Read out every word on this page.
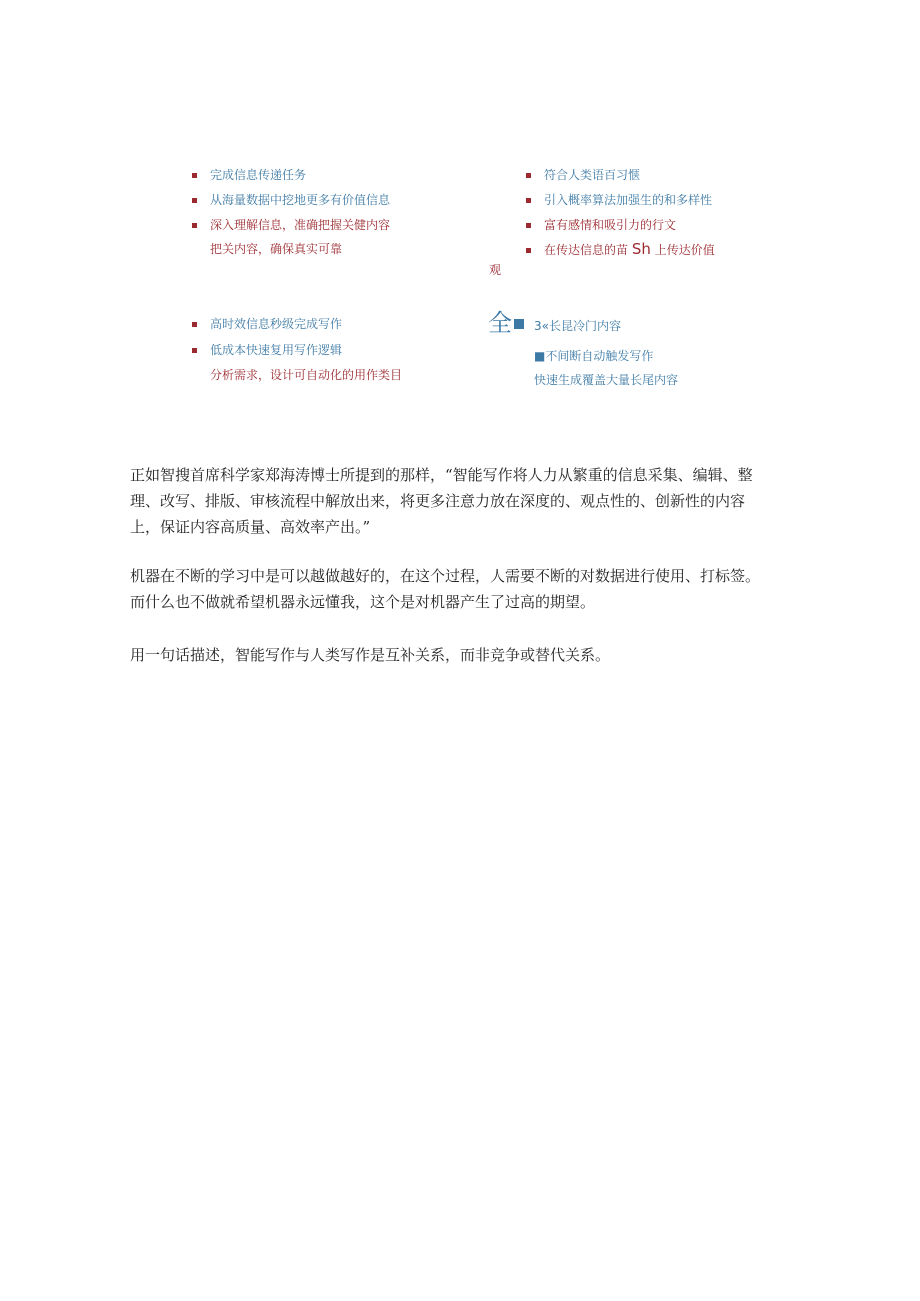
完成信息传递任务
从海量数据中挖地更多有价值信息
深入理解信息，准确把握关健内容
把关内容，确保真实可靠
符合人类语百习惬
引入概率算法加强生的和多样性
富有感情和吸引力的行文
在传达信息的苗 Sh 上传达价值
观
高时效信息秒级完成写作
低成本快速复用写作逻辑
分析需求，设计可自动化的用作类目
全 3«长昆冷门内容
■不间断自动触发写作
快速生成覆盖大量长尾内容

正如智搜首席科学家郑海涛博士所提到的那样，“智能写作将人力从繁重的信息采集、编辑、整理、改写、排版、审核流程中解放出来，将更多注意力放在深度的、观点性的、创新性的内容上，保证内容高质量、高效率产出。”

机器在不断的学习中是可以越做越好的，在这个过程，人需要不断的对数据进行使用、打标签。而什么也不做就希望机器永远懂我，这个是对机器产生了过高的期望。

用一句话描述，智能写作与人类写作是互补关系，而非竞争或替代关系。
